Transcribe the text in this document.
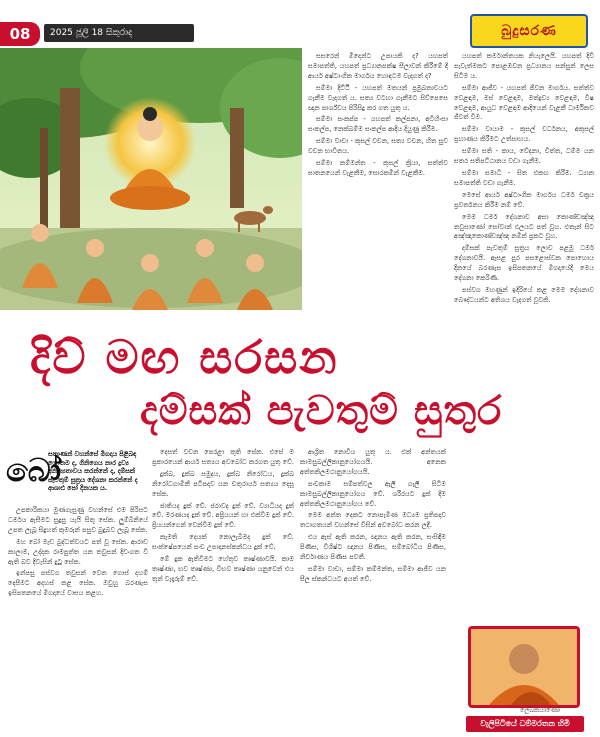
08	2025 ජූලි 18 සිකුරාද	බුදුසරණ

සසරෙන් මිදෙන්ට උපායකි ද? යහපත් සමාපත්ති, යහපත් ප්‍රධ්‍යානපක්ෂ සීලාවන් කිරීමේ දී ආර්ය අෂ්ටාංගික මාර්ගය හොඳටම වැදගත් ද?

සම්මා දිට්ඨි - යහපත් මතයන් ප්‍රමුඛතාවයට ගැනීම වැදගත් ය. සත්‍ය වටහා ගැනීමට සිව්පෙසෙ ඥාන පාර්ශ්වය පිරිසිදු කර ගත යුතු ය.

සම්මා සංකප්ප - යහපත් කල්පනා, අවිහිංසා සංකල්ප, නෙක්ඛම්ම සංකල්ප ආදිය දියුණු කිරීම.

සම්මා වාචා - කුසල් වචන, සත්‍ය වචන, හිත සුව වචන භාවිතය.

සම්මා කම්මන්ත - කුසල් ක්‍රියා, සත්ත්ව ඝාතනයෙන් වැළකීම, සොරකමින් වැළකීම.

යහපත් කර්මාන්තයක නියැලෙයි. යහපත් දිවි පැවැත්මකට පොළඹවන ප්‍රධ්‍යානය සන්සුන් ලෙස සිටීම ය.

සම්මා ආජීව - යහපත් ජීවන මාර්ගය. සත්ත්ව වෙළඳාම, මස් වෙළඳාම, මත්ද්‍රව්‍ය වෙළඳාම, විෂ වෙළඳාම, ආයුධ වෙළඳාම ආදියෙන් වැළකී ධාර්මිකව ජීවත් වීම.

සම්මා වායාම - කුසල් වර්ධනය, අකුසල් ප්‍රහාණය කිරීමට උත්සාහය.

සම්මා සති - කාය, වේදනා, චිත්ත, ධම්ම යන සතර සතිපට්ඨානය වඩා ගැනීම.

සම්මා සමාධි - සිත එකඟ කිරීම. ධ්‍යාන සමාපත්ති වඩා ගැනීම.

මෙසේ ආර්ය අෂ්ටාංගික මාර්ගය ධර්ම චක්‍රය ප්‍රවර්තනය කිරීම නම් වේ.

මෙම ධර්ම දේශනාව අසා කොණ්ඩඤ්ඤ තවුසාණෝ සෝවාන් ඵලයට පත් වූහ. එතැන් සිට අඤ්ඤාකොණ්ඩඤ්ඤ නමින් ප්‍රකට වූහ.

දම්සක් පැවතුම් සූත්‍රය ලොව පළමු ධර්ම දේශනාවයි. ඇසළ පුර පසළොස්වක පොහොය දිනයේ බරණැස ඉසිපතනයේ මිගදායේදී මෙය දේශනා කෙරිණි.

පස්වග මහණුන් ඉදිරියේ කළ මෙම දේශනාව බෞද්ධයන්ට අතිශය වැදගත් වූවකි.

දිව් මඟ සරසන
දම්සක් පැවතුම් සුතුර
බෝ
සතාණන් වහන්සේ මිගදාය පිළිබඳ ගෞතම ද, ගිනිගෙය නාර ද්‍රව්‍ය අනිත්‍යතාවය කරන්නේ ද, දම්සක් පැවතුම් සූත්‍රය දේශනා කරන්නේ ද ආශාඪ පෝ දිනයක ය.

උපකාරිකයා මුණගැසුණු වහන්සේ එම පිරිසට ධර්මය ඇසීමට සුදුසු යැයි සිතූ සේක. ලුම්බිනියේ උපත ලැබූ සිදුහත් කුමරුන් පසුව බුදුබව ලැබූ සේක.

මහ බෝ මැඩ බුද්ධත්වයට පත් වූ සේක. ආරාඩ කාලාම, උද්දක රාමපුත්ත යන තවුසන් දිවංගත වී ඇති බව දිවැසින් දුටු සේක.

ඉන්පසු පස්වග තවුසන් වෙත ගොස් දහම් දෙසීමට අදහස් කළ සේක. ඔවුහු බරණැස ඉසිපතනයේ මිගදායේ වාසය කළහ.

දෙසත් වචන පෙරළා කුති සේක. එසේ ම ප්‍රකාරයෙන් ආර්ය සත්‍යය අවබෝධ කරගත යුතු වේ.

දුක්ඛ, දුක්ඛ සමුදය, දුක්ඛ නිරෝධය, දුක්ඛ නිරෝධගාමිනී පටිපදාව යන චතුරාර්ය සත්‍යය දෙසූ සේක.

ජාතියද දුක් වේ. ජරාවද දුක් වේ. ව්‍යාධියද දුක් වේ. මරණයද දුක් වේ. අප්‍රියයන් හා එක්වීම දුක් වේ. ප්‍රියයන්ගෙන් වෙන්වීම දුක් වේ.

කැමති දෙයක් නොලැබීමද දුක් වේ. සංක්ෂේපයෙන් පංච උපාදානස්කන්ධය දුක් වේ.

මේ දුක ඇතිවීමට හේතුව තෘෂ්ණාවයි. කාම තෘෂ්ණා, භව තෘෂ්ණා, විභව තෘෂ්ණා යනුවෙන් එය තුන් වැදෑරුම් වේ.

ආශ්‍රිත නොවිය යුතු ය. එක් අන්තයක් කාමසුඛල්ලිකානුයෝගයයි. අනෙක අත්තකිලමථානුයෝගයයි.

පංචකාම සම්පත්වල ඇලී ගැලී සිටීම කාමසුඛල්ලිකානුයෝගය වේ. ශරීරයට දුක් දීම අත්තකිලමථානුයෝගය වේ.

මෙම අන්ත දෙකට නොපැමිණ මධ්‍යම ප්‍රතිපදාව තථාගතයන් වහන්සේ විසින් අවබෝධ කරන ලදී.

එය ඇස් ඇති කරන, ඥානය ඇති කරන, සංසිඳීම පිණිස, විශිෂ්ට ඥානය පිණිස, සම්බෝධිය පිණිස, නිර්වාණය පිණිස පවතී.

සම්මා වාචා, සම්මා කම්මන්ත, සම්මා ආජීව යන සීල ස්කන්ධයට අයත් වේ.

ලේඛකයාණෝ
වැලිපිටියේ ධම්මරතන හිමි
